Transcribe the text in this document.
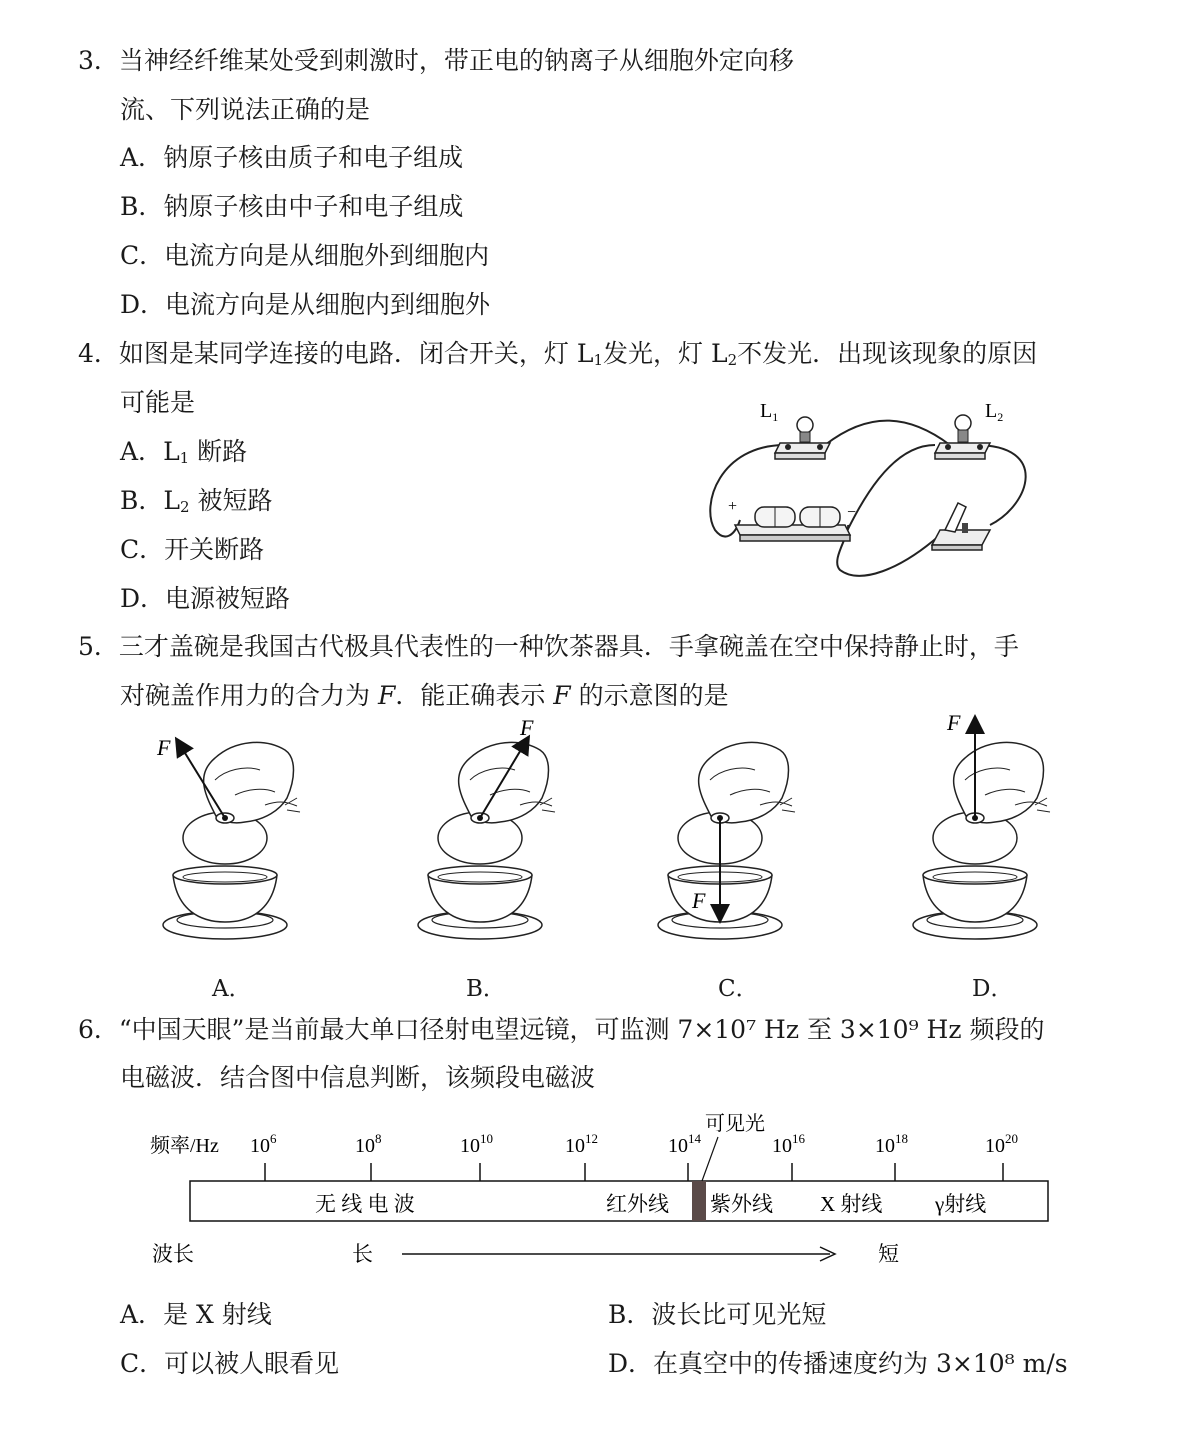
3．当神经纤维某处受到刺激时，带正电的钠离子从细胞外定向移
流、下列说法正确的是
A．钠原子核由质子和电子组成
B．钠原子核由中子和电子组成
C．电流方向是从细胞外到细胞内
D．电流方向是从细胞内到细胞外
4．如图是某同学连接的电路．闭合开关，灯 $L_1$发光，灯 $L_2$不发光．出现该现象的原因
可能是
A．$L_1$ 断路
B．$L_2$ 被短路
C．开关断路
D．电源被短路
$L_1$	$L_2$
+	−
5．三才盖碗是我国古代极具代表性的一种饮茶器具．手拿碗盖在空中保持静止时，手
对碗盖作用力的合力为 F．能正确表示 F 的示意图的是
F
F
F
F
A．	B．	C．	D．
6．“中国天眼”是当前最大单口径射电望远镜，可监测 7×10⁷ Hz 至 3×10⁹ Hz 频段的
电磁波．结合图中信息判断，该频段电磁波
频率/Hz $10^6$	$10^8$	$10^{10}$	$10^{12}$	$10^{14}$	$10^{16}$	$10^{18}$	$10^{20}$
可见光
无 线 电 波	红外线 紫外线 X 射线	γ射线
波长	长	短
A．是 X 射线	B．波长比可见光短
C．可以被人眼看见	D．在真空中的传播速度约为 3×10⁸ m/s
